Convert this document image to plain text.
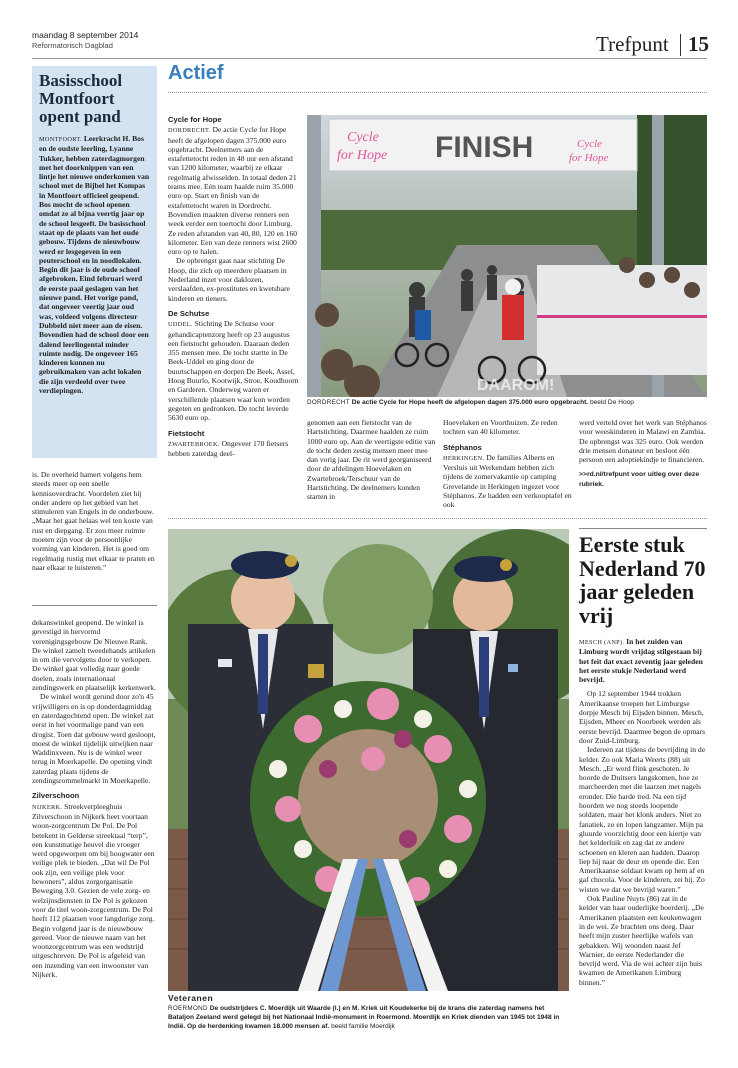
maandag 8 september 2014
Reformatorisch Dagblad	Trefpunt 15
Basisschool Montfoort opent pand

MONTFOORT. Leerkracht H. Bos en de oudste leerling, Lyanne Tukker, hebben zaterdagmorgen met het doorknippen van een lintje het nieuwe onderkomen van school met de Bijbel het Kompas in Montfoort officieel geopend. Bos mocht de school openen omdat ze al bijna veertig jaar op de school lesgeeft. De basisschool staat op de plaats van het oude gebouw. Tijdens de nieuwbouw werd er lesgegeven in een peuterschool en in noodlokalen. Begin dit jaar is de oude school afgebroken. Eind februari werd de eerste paal geslagen van het nieuwe pand. Het vorige pand, dat ongeveer veertig jaar oud was, voldeed volgens directeur Dubbeld niet meer aan de eisen. Bovendien had de school door een dalend leerlingental minder ruimte nodig. De ongeveer 165 kinderen kunnen nu gebruikmaken van acht lokalen die zijn verdeeld over twee verdiepingen.

is. De overheid hamert volgens hem steeds meer op een snelle kennisoverdracht. Voordelen ziet hij onder andere op het gebied van het stimuleren van Engels in de onderbouw. „Maar het gaat helaas wel ten koste van rust en diepgang. Er zou meer ruimte moeten zijn voor de persoonlijke vorming van kinderen. Het is goed om regelmatig rustig met elkaar te praten en naar elkaar te luisteren.”

dekanswinkel geopend. De winkel is gevestigd in hervormd verenigingsgebouw De Nieuwe Rank. De winkel zamelt tweedehands artikelen in om die vervolgens door te verkopen. De winkel gaat volledig naar goede doelen, zoals internationaal zendingswerk en plaatselijk kerkenwerk.

De winkel wordt gerund door zo'n 45 vrijwilligers en is op donderdagmiddag en zaterdagochtend open. De winkel zat eerst in het voormalige pand van een drogist. Toen dat gebouw werd gesloopt, moest de winkel tijdelijk uitwijken naar Waddinxveen. Nu is de winkel weer terug in Moerkapelle. De opening vindt zaterdag plaats tijdens de zendingsrommelmarkt in Moerkapelle.

Zilverschoon

NIJKERK. Streekverpleeghuis Zilverschoon in Nijkerk heet voortaan woon-zorgcentrum De Pol. De Pol betekent in Gelderse streektaal “terp”, een kunstmatige heuvel die vroeger werd opgeworpen om bij hoogwater een veilige plek te bieden. „Dat wil De Pol ook zijn, een veilige plek voor bewoners”, aldus zorgorganisatie Beweging 3.0. Gezien de vele zorg- en welzijnsdiensten in De Pol is gekozen voor de titel woon-zorgcentrum. De Pol heeft 112 plaatsen voor langdurige zorg. Begin volgend jaar is de nieuwbouw gereed. Voor de nieuwe naam van het woonzorgcentrum was een wedstrijd uitgeschreven. De Pol is afgeleid van een inzending van een inwoonster van Nijkerk.

Actief
Cycle for Hope

DORDRECHT. De actie Cycle for Hope heeft de afgelopen dagen 375.000 euro opgebracht. Deelnemers aan de estafettetocht reden in 48 uur een afstand van 1200 kilometer, waarbij ze elkaar regelmatig afwisselden. In totaal deden 21 teams mee. Eén team haalde ruim 35.000 euro op. Start en finish van de estafettetocht waren in Dordrecht. Bovendien maakten diverse renners een week eerder een toertocht door Limburg. Ze reden afstanden van 40, 80, 120 en 160 kilometer. Een van deze renners wist 2600 euro op te halen.

De opbrengst gaat naar stichting De Hoop, die zich op meerdere plaatsen in Nederland inzet voor daklozen, verslaafden, ex-prostitutes en kwetsbare kinderen en tieners.

De Schutse

UDDEL. Stichting De Schutse voor gehandicaptenzorg heeft op 23 augustus een fietstocht gehouden. Daaraan deden 355 mensen mee. De tocht startte in De Beek-Uddel en ging door de buurtschappen en dorpen De Beek, Assel, Hoog Buurlo, Kootwijk, Stroe, Koudhoorn en Garderen. Onderweg waren er verschillende plaatsen waar kon worden gegeten en gedronken. De tocht leverde 5630 euro op.

Fietstocht

ZWARTEBROEK. Ongeveer 170 fietsers hebben zaterdag deel-

Cycle
for Hope FINISH	Cycle
for Hope
DAAROM!
DORDRECHT De actie Cycle for Hope heeft de afgelopen dagen 375.000 euro opgebracht. beeld De Hoop

genomen aan een fietstocht van de Hartstichting. Daarmee haalden ze ruim 1000 euro op. Aan de veertigste editie van de tocht deden zestig mensen meer mee dan vorig jaar. De rit werd georganiseerd door de afdelingen Hoevelaken en Zwartebroek/Terschuur van de Hartstichting. De deelnemers konden starten in

Hoevelaken en Voorthuizen. Ze reden tochten van 40 kilometer.

Stéphanos

HERKINGEN. De families Alberts en Versluis uit Werkendam hebben zich tijdens de zomervakantie op camping Grevelande in Herkingen ingezet voor Stéphanos. Ze hadden een verkooptafel en ook

werd verteld over het werk van Stéphanos voor weeskinderen in Malawi en Zambia. De opbrengst was 325 euro. Ook werden drie mensen donateur en besloot één persoon een adoptiekindje te financieren.

>>rd.nl/trefpunt voor uitleg over deze rubriek.

Veteranen
ROERMOND De oudstrijders C. Moerdijk uit Waarde (l.) en M. Kriek uit Koudekerke bij de krans die zaterdag namens het Bataljon Zeeland werd gelegd bij het Nationaal Indië-monument in Roermond. Moerdijk en Kriek dienden van 1945 tot 1948 in Indië. Op de herdenking kwamen 18.000 mensen af. beeld familie Moerdijk
Eerste stuk Nederland 70 jaar geleden vrij

MESCH (ANP). In het zuiden van Limburg wordt vrijdag stilgestaan bij het feit dat exact zeventig jaar geleden het eerste stukje Nederland werd bevrijd.

Op 12 september 1944 trokken Amerikaanse troepen het Limburgse dorpje Mesch bij Eijsden binnen. Mesch, Eijsden, Mheer en Noorbeek werden als eerste bevrijd. Daarmee begon de opmars door Zuid-Limburg.

Iedereen zat tijdens de bevrijding in de kelder. Zo ook Maria Weerts (88) uit Mesch. „Er werd flink geschoten. Je hoorde de Duitsers langskomen, hoe ze marcheerden met die laarzen met nagels eronder. Die harde tred. Na een tijd hoorden we nog steeds loopende soldaten, maar het klonk anders. Niet zo fanatiek, zo en lopen langzamer. Mijn pa gluurde voorzichtig door een kiertje van het kelderluik en zag dat ze andere schoenen en kleren aan hadden. Daarop liep hij naar de deur en opende die. Een Amerikaanse soldaat kwam op hem af en gaf chocola. Voor de kinderen, zei hij. Zo wisten we dat we bevrijd waren.”

Ook Pauline Nuyts (86) zat in de kelder van haar ouderlijke boerderij. „De Amerikanen plaatsten een keukenwagen in de wei. Ze brachten ons deeg. Daar heeft mijn zuster heerlijke wafels van gebakken. Wij woonden naast Jef Warnier, de eerste Nederlander die bevrijd werd. Via de wei achter zijn huis kwamen de Amerikanen Limburg binnen.”
